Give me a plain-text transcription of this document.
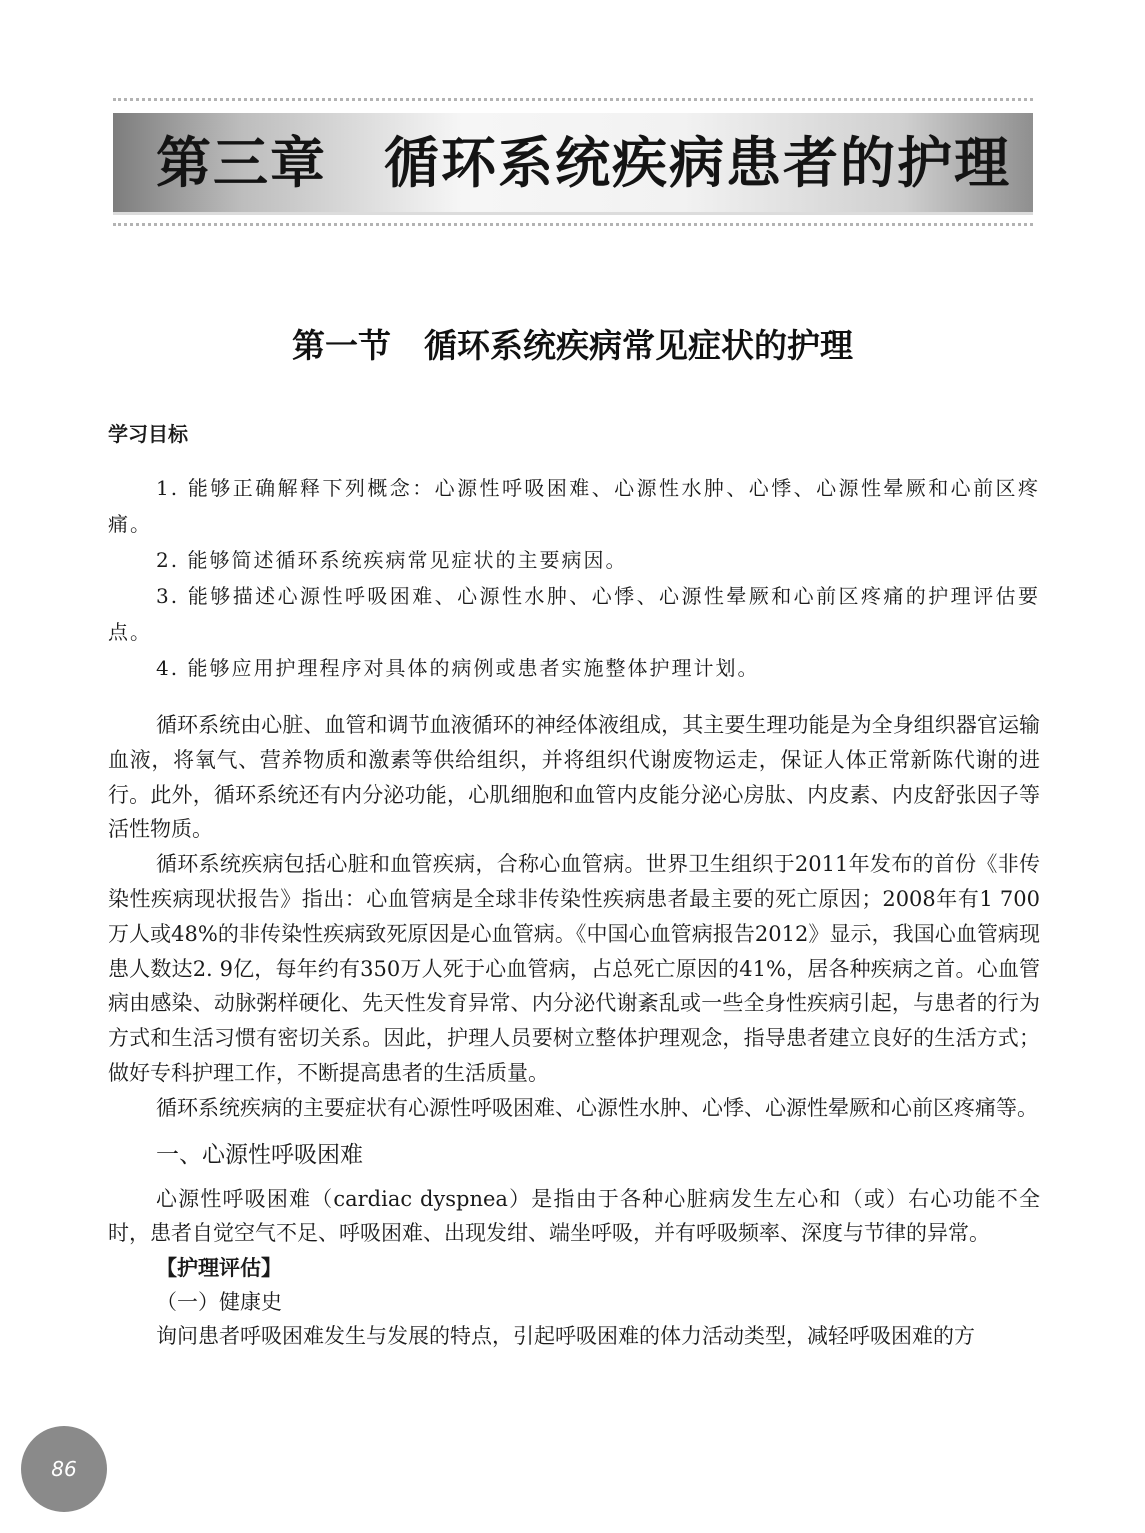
第三章　循环系统疾病患者的护理
第一节　循环系统疾病常见症状的护理
学习目标

1. 能够正确解释下列概念：心源性呼吸困难、心源性水肿、心悸、心源性晕厥和心前区疼痛。

2. 能够简述循环系统疾病常见症状的主要病因。

3. 能够描述心源性呼吸困难、心源性水肿、心悸、心源性晕厥和心前区疼痛的护理评估要点。

4. 能够应用护理程序对具体的病例或患者实施整体护理计划。

循环系统由心脏、血管和调节血液循环的神经体液组成，其主要生理功能是为全身组织器官运输血液，将氧气、营养物质和激素等供给组织，并将组织代谢废物运走，保证人体正常新陈代谢的进行。此外，循环系统还有内分泌功能，心肌细胞和血管内皮能分泌心房肽、内皮素、内皮舒张因子等活性物质。

循环系统疾病包括心脏和血管疾病，合称心血管病。世界卫生组织于2011年发布的首份《非传染性疾病现状报告》指出：心血管病是全球非传染性疾病患者最主要的死亡原因；2008年有1 700万人或48%的非传染性疾病致死原因是心血管病。《中国心血管病报告2012》显示，我国心血管病现患人数达2. 9亿，每年约有350万人死于心血管病，占总死亡原因的41%，居各种疾病之首。心血管病由感染、动脉粥样硬化、先天性发育异常、内分泌代谢紊乱或一些全身性疾病引起，与患者的行为方式和生活习惯有密切关系。因此，护理人员要树立整体护理观念，指导患者建立良好的生活方式；做好专科护理工作，不断提高患者的生活质量。

循环系统疾病的主要症状有心源性呼吸困难、心源性水肿、心悸、心源性晕厥和心前区疼痛等。

一、心源性呼吸困难

心源性呼吸困难（cardiac dyspnea）是指由于各种心脏病发生左心和（或）右心功能不全时，患者自觉空气不足、呼吸困难、出现发绀、端坐呼吸，并有呼吸频率、深度与节律的异常。

【护理评估】
（一）健康史

询问患者呼吸困难发生与发展的特点，引起呼吸困难的体力活动类型，减轻呼吸困难的方

86
